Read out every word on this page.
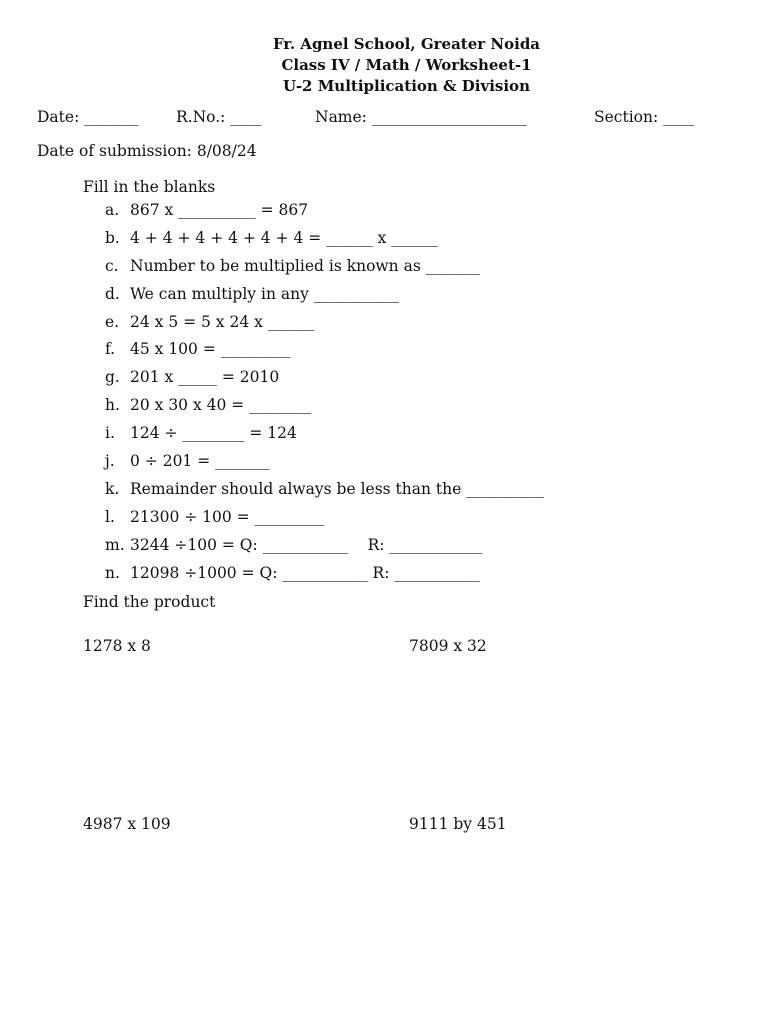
Fr. Agnel School, Greater Noida
Class IV / Math / Worksheet-1
U-2 Multiplication & Division
Date: _______ R.No.: ____	Name: ____________________	Section: ____
Date of submission: 8/08/24
Fill in the blanks
a. 867 x __________ = 867
b. 4 + 4 + 4 + 4 + 4 + 4 = ______ x ______
c. Number to be multiplied is known as _______
d. We can multiply in any ___________
e. 24 x 5 = 5 x 24 x ______
f. 45 x 100 = _________
g. 201 x _____ = 2010
h. 20 x 30 x 40 = ________
i. 124 ÷ ________ = 124
j. 0 ÷ 201 = _______
k. Remainder should always be less than the __________
l. 21300 ÷ 100 = _________
m. 3244 ÷100 = Q: ___________    R: ____________
n. 12098 ÷1000 = Q: ___________ R: ___________
Find the product
1278 x 8	7809 x 32
4987 x 109	9111 by 451
